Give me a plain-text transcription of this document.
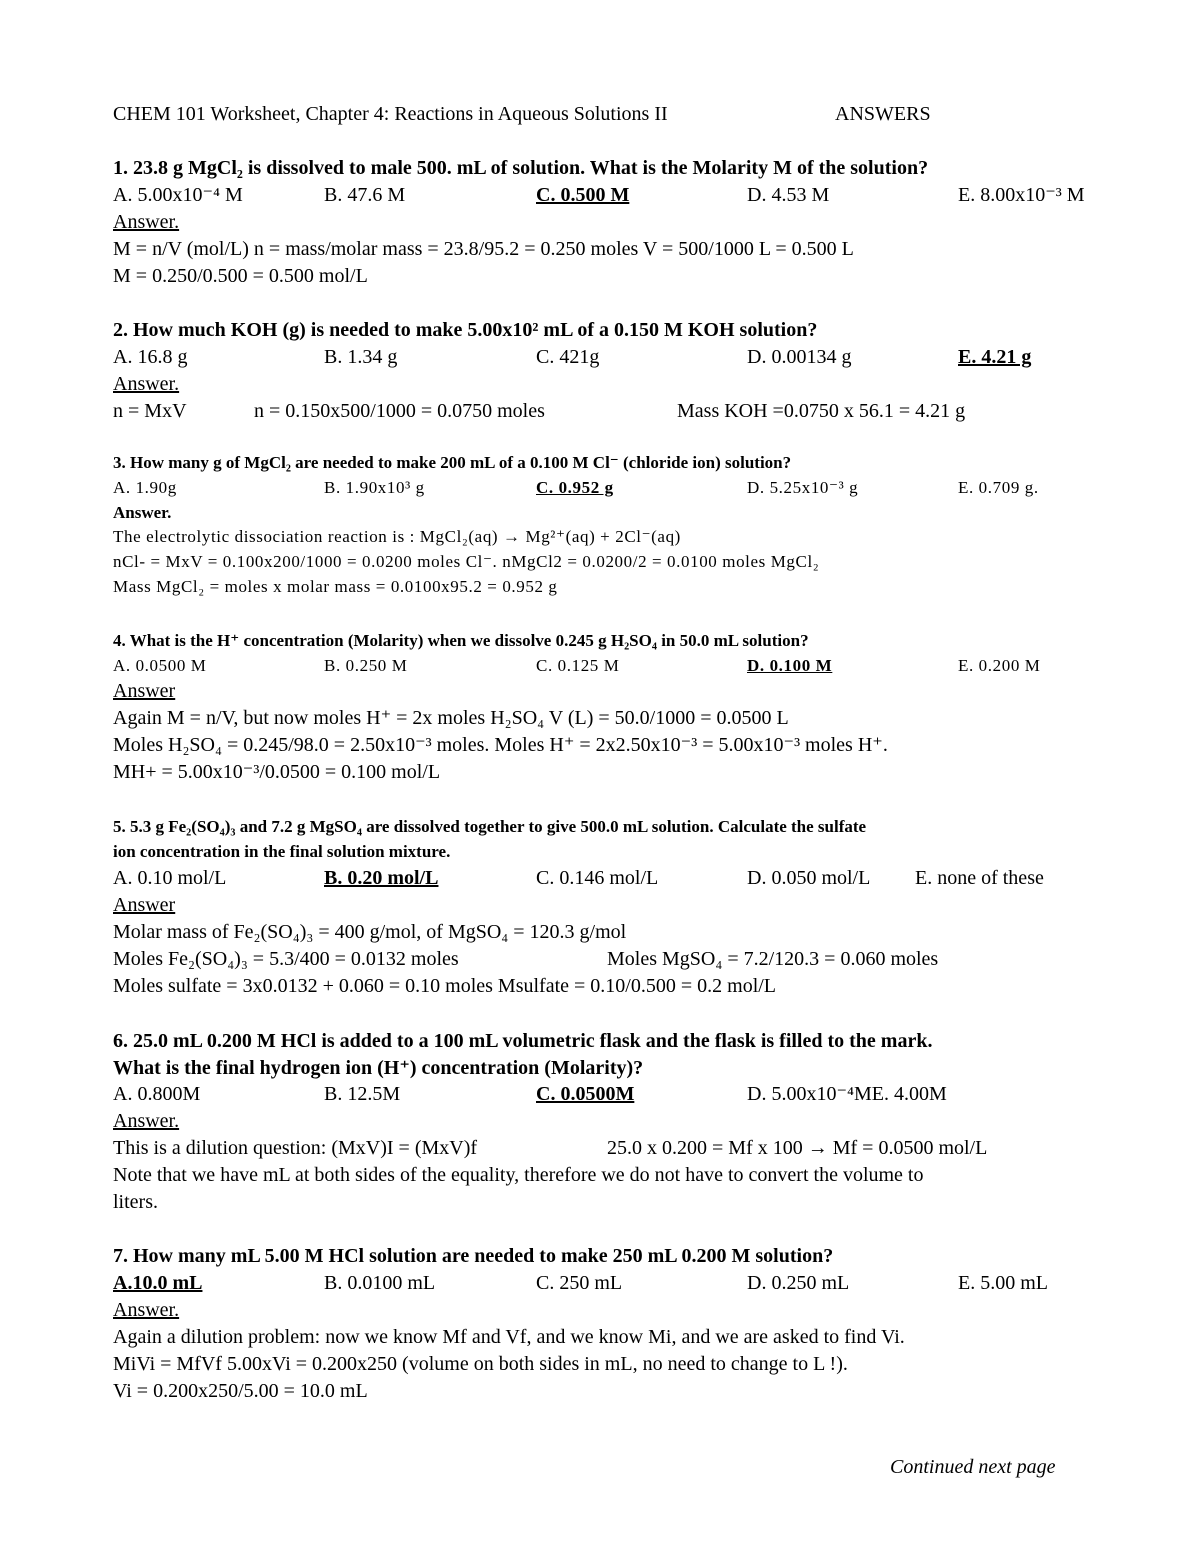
CHEM 101 Worksheet, Chapter 4: Reactions in Aqueous Solutions II	ANSWERS
1. 23.8 g MgCl₂ is dissolved to male 500. mL of solution. What is the Molarity M of the solution?
A. 5.00x10⁻⁴ M	B. 47.6 M	C. 0.500 M	D. 4.53 M	E. 8.00x10⁻³ M
Answer.
M = n/V (mol/L) n = mass/molar mass = 23.8/95.2 = 0.250 moles V = 500/1000 L = 0.500 L
M = 0.250/0.500 = 0.500 mol/L
2. How much KOH (g) is needed to make 5.00x10² mL of a 0.150 M KOH solution?
A. 16.8 g	B. 1.34 g	C. 421g	D. 0.00134 g	E. 4.21 g
Answer.
n = MxV	n = 0.150x500/1000 = 0.0750 moles	Mass KOH =0.0750 x 56.1 = 4.21 g
3. How many g of MgCl₂ are needed to make 200 mL of a 0.100 M Cl⁻ (chloride ion) solution?
A. 1.90g	B. 1.90x10³ g	C. 0.952 g	D. 5.25x10⁻³ g	E. 0.709 g.
Answer.
The electrolytic dissociation reaction is : MgCl₂(aq) → Mg²⁺(aq) + 2Cl⁻(aq)
nCl- = MxV = 0.100x200/1000 = 0.0200 moles Cl⁻. nMgCl2 = 0.0200/2 = 0.0100 moles MgCl₂
Mass MgCl₂ = moles x molar mass = 0.0100x95.2 = 0.952 g
4. What is the H⁺ concentration (Molarity) when we dissolve 0.245 g H₂SO₄ in 50.0 mL solution?
A. 0.0500 M	B. 0.250 M	C. 0.125 M	D. 0.100 M	E. 0.200 M
Answer
Again M = n/V, but now moles H⁺ = 2x moles H₂SO₄ V (L) = 50.0/1000 = 0.0500 L
Moles H₂SO₄ = 0.245/98.0 = 2.50x10⁻³ moles. Moles H⁺ = 2x2.50x10⁻³ = 5.00x10⁻³ moles H⁺.
MH+ = 5.00x10⁻³/0.0500 = 0.100 mol/L
5. 5.3 g Fe₂(SO₄)₃ and 7.2 g MgSO₄ are dissolved together to give 500.0 mL solution. Calculate the sulfate
ion concentration in the final solution mixture.
A. 0.10 mol/L	B. 0.20 mol/L	C. 0.146 mol/L	D. 0.050 mol/L E. none of these
Answer
Molar mass of Fe₂(SO₄)₃ = 400 g/mol, of MgSO₄ = 120.3 g/mol
Moles Fe₂(SO₄)₃ = 5.3/400 = 0.0132 moles	Moles MgSO₄ = 7.2/120.3 = 0.060 moles
Moles sulfate = 3x0.0132 + 0.060 = 0.10 moles Msulfate = 0.10/0.500 = 0.2 mol/L
6. 25.0 mL 0.200 M HCl is added to a 100 mL volumetric flask and the flask is filled to the mark.
What is the final hydrogen ion (H⁺) concentration (Molarity)?
A. 0.800M	B. 12.5M	C. 0.0500M	D. 5.00x10⁻⁴ME. 4.00M
Answer.
This is a dilution question: (MxV)I = (MxV)f	25.0 x 0.200 = Mf x 100 → Mf = 0.0500 mol/L
Note that we have mL at both sides of the equality, therefore we do not have to convert the volume to
liters.
7. How many mL 5.00 M HCl solution are needed to make 250 mL 0.200 M solution?
A.10.0 mL	B. 0.0100 mL	C. 250 mL	D. 0.250 mL	E. 5.00 mL
Answer.
Again a dilution problem: now we know Mf and Vf, and we know Mi, and we are asked to find Vi.
MiVi = MfVf 5.00xVi = 0.200x250 (volume on both sides in mL, no need to change to L !).
Vi = 0.200x250/5.00 = 10.0 mL
Continued next page
